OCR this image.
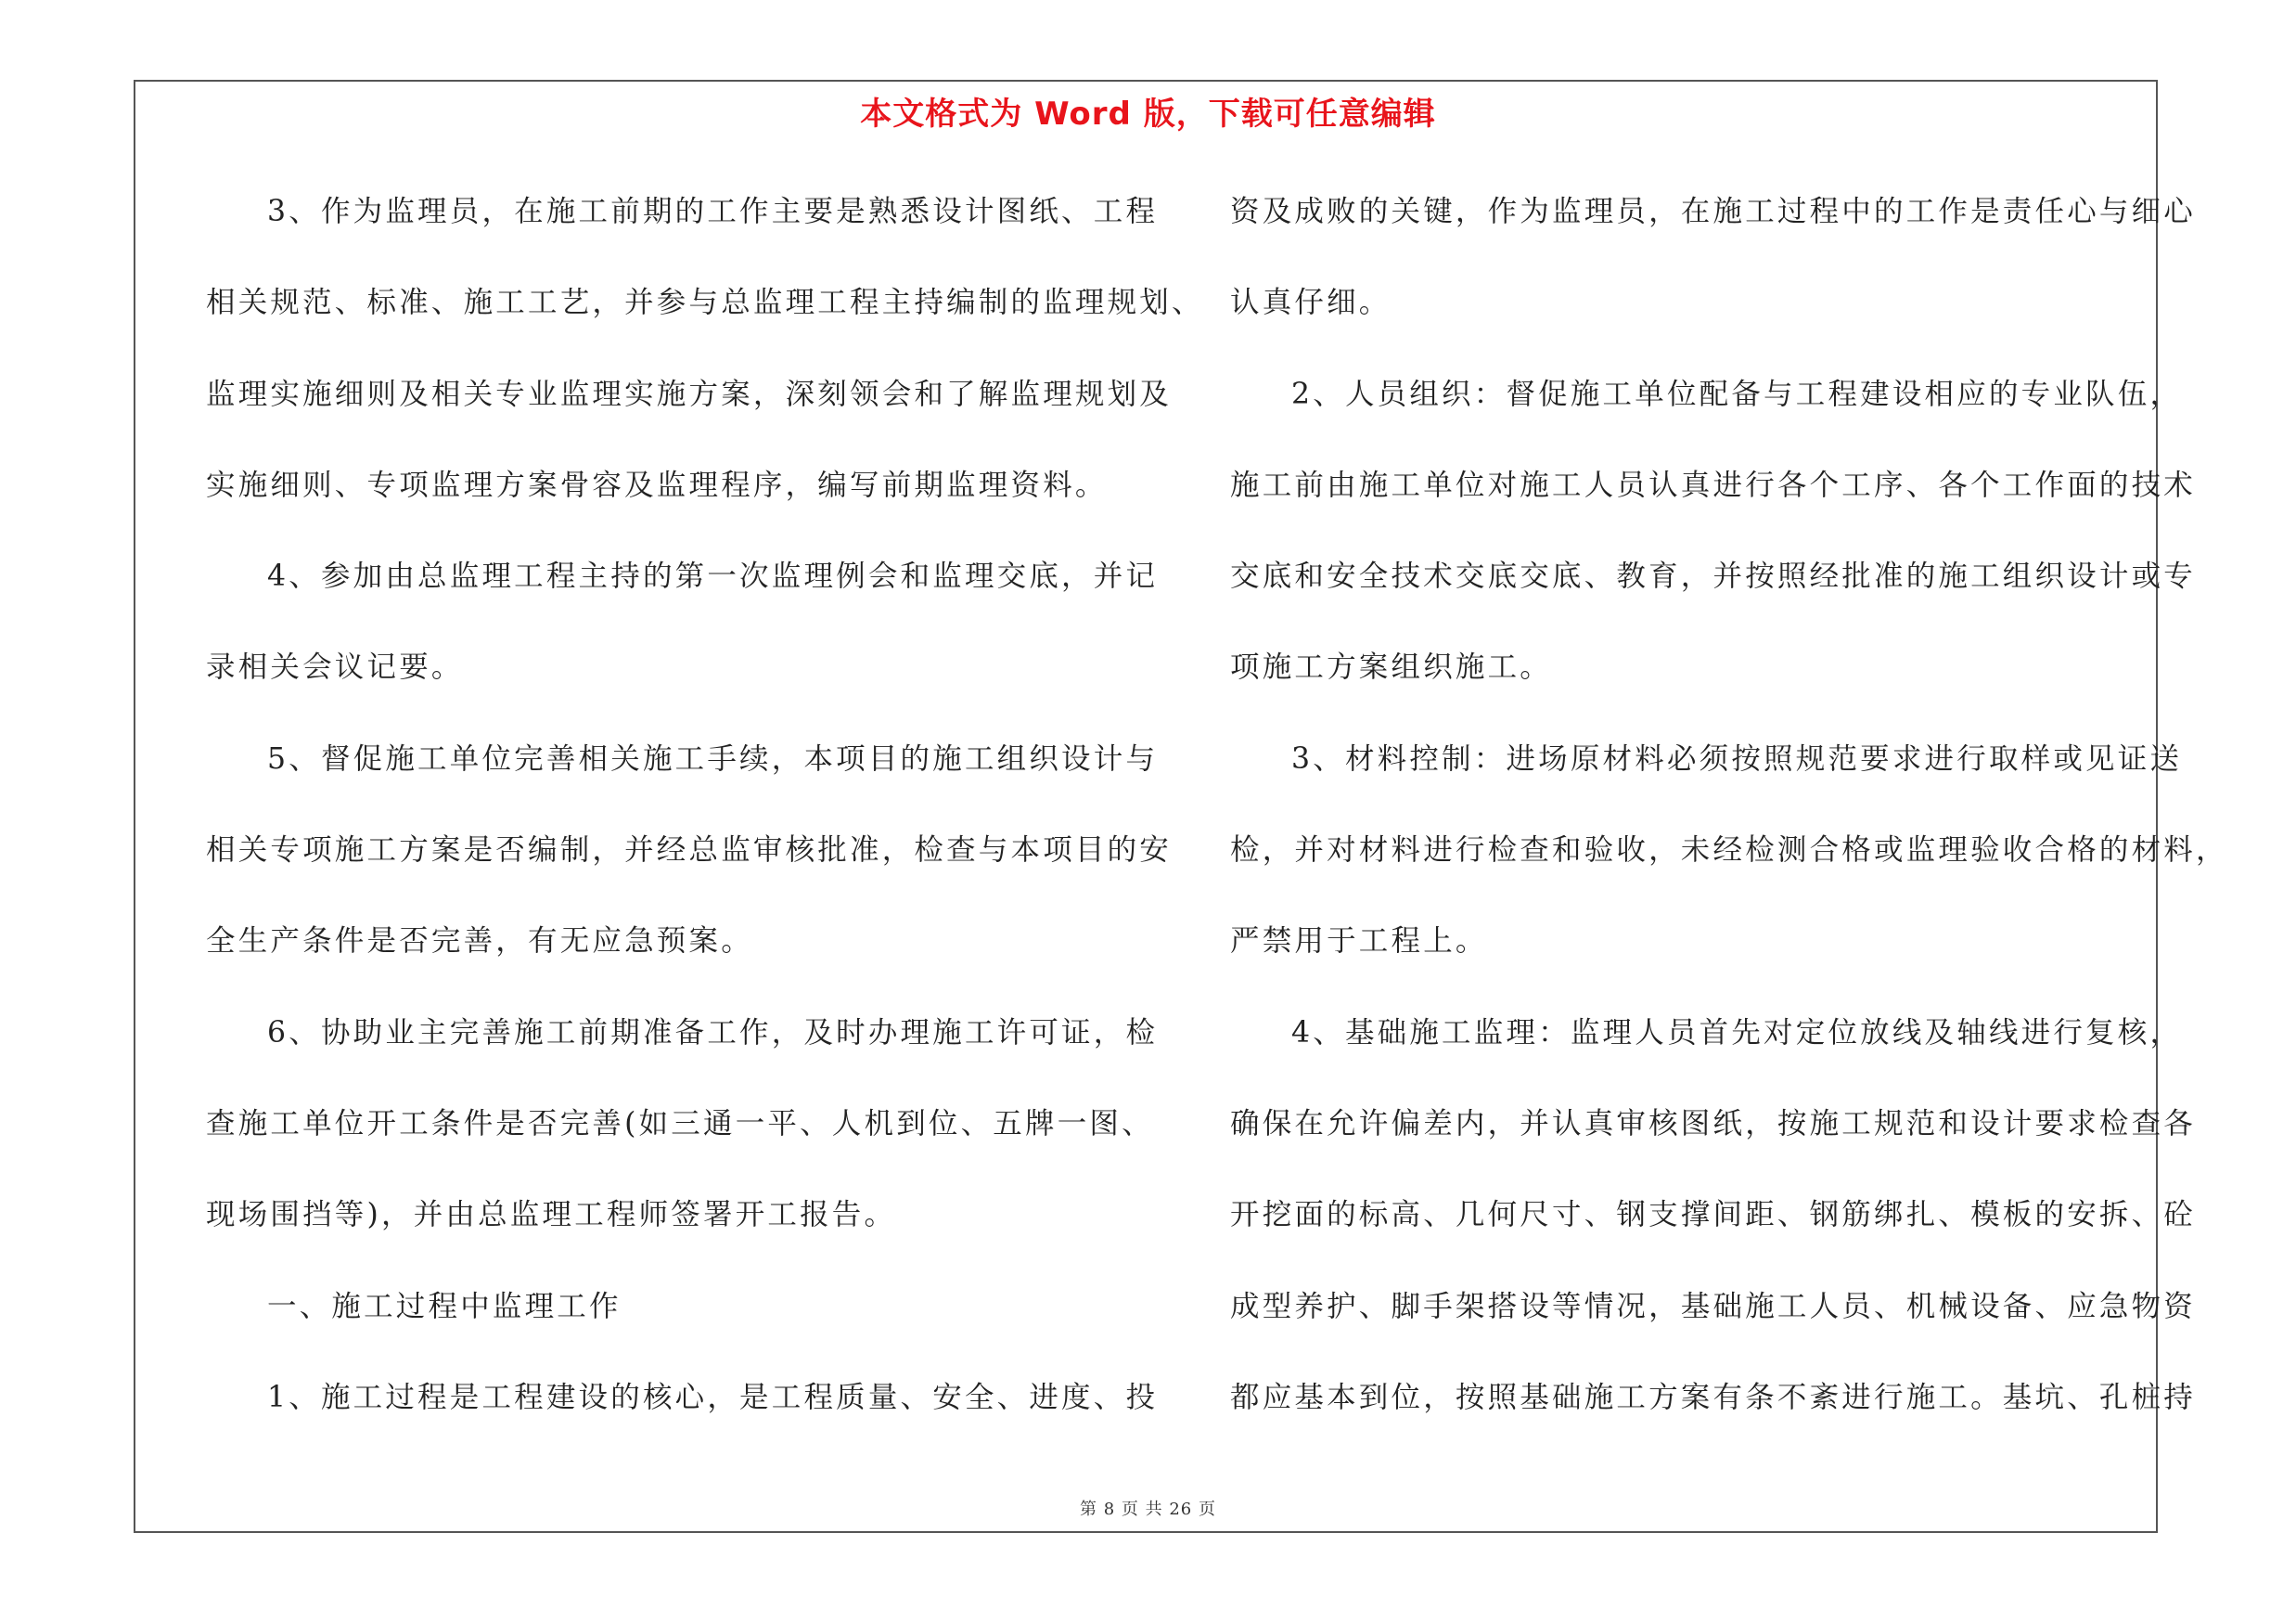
本文格式为 Word 版，下载可任意编辑
3、作为监理员，在施工前期的工作主要是熟悉设计图纸、工程
相关规范、标准、施工工艺，并参与总监理工程主持编制的监理规划、
监理实施细则及相关专业监理实施方案，深刻领会和了解监理规划及
实施细则、专项监理方案骨容及监理程序，编写前期监理资料。
4、参加由总监理工程主持的第一次监理例会和监理交底，并记
录相关会议记要。
5、督促施工单位完善相关施工手续，本项目的施工组织设计与
相关专项施工方案是否编制，并经总监审核批准，检查与本项目的安
全生产条件是否完善，有无应急预案。
6、协助业主完善施工前期准备工作，及时办理施工许可证，检
查施工单位开工条件是否完善(如三通一平、人机到位、五牌一图、
现场围挡等)，并由总监理工程师签署开工报告。
一、施工过程中监理工作
1、施工过程是工程建设的核心，是工程质量、安全、进度、投
资及成败的关键，作为监理员，在施工过程中的工作是责任心与细心
认真仔细。
2、人员组织：督促施工单位配备与工程建设相应的专业队伍，
施工前由施工单位对施工人员认真进行各个工序、各个工作面的技术
交底和安全技术交底交底、教育，并按照经批准的施工组织设计或专
项施工方案组织施工。
3、材料控制：进场原材料必须按照规范要求进行取样或见证送
检，并对材料进行检查和验收，未经检测合格或监理验收合格的材料，
严禁用于工程上。
4、基础施工监理：监理人员首先对定位放线及轴线进行复核，
确保在允许偏差内，并认真审核图纸，按施工规范和设计要求检查各
开挖面的标高、几何尺寸、钢支撑间距、钢筋绑扎、模板的安拆、砼
成型养护、脚手架搭设等情况，基础施工人员、机械设备、应急物资
都应基本到位，按照基础施工方案有条不紊进行施工。基坑、孔桩持
第 8 页 共 26 页
